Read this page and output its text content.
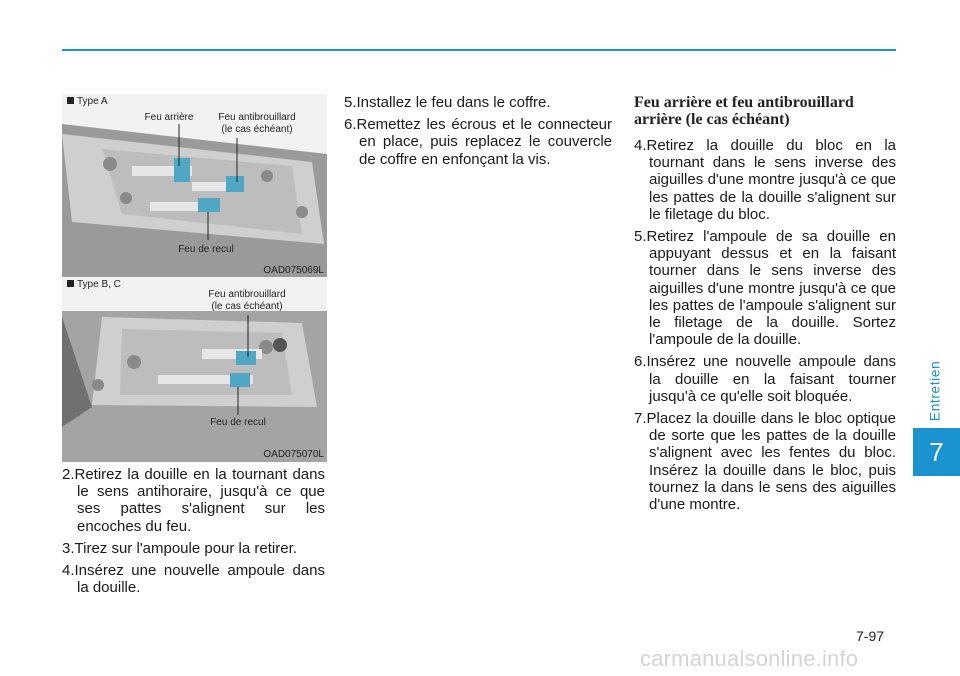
Entretien
7
Type A
Feu arrière	Feu antibrouillard
(le cas échéant)
Feu de recul
OAD075069L
Type B, C
Feu antibrouillard
(le cas échéant)
Feu de recul
OAD075070L

2.Retirez la douille en la tournant dans le sens antihoraire, jusqu'à ce que ses pattes s'alignent sur les encoches du feu.

3.Tirez sur l'ampoule pour la retirer.

4.Insérez une nouvelle ampoule dans la douille.

5.Installez le feu dans le coffre.

6.Remettez les écrous et le connecteur en place, puis replacez le couvercle de coffre en enfonçant la vis.

Feu arrière et feu antibrouillard arrière (le cas échéant)

4.Retirez la douille du bloc en la tournant dans le sens inverse des aiguilles d'une montre jusqu'à ce que les pattes de la douille s'alignent sur le filetage du bloc.

5.Retirez l'ampoule de sa douille en appuyant dessus et en la faisant tourner dans le sens inverse des aiguilles d'une montre jusqu'à ce que les pattes de l'ampoule s'alignent sur le filetage de la douille. Sortez l'ampoule de la douille.

6.Insérez une nouvelle ampoule dans la douille en la faisant tourner jusqu'à ce qu'elle soit bloquée.

7.Placez la douille dans le bloc optique de sorte que les pattes de la douille s'alignent avec les fentes du bloc. Insérez la douille dans le bloc, puis tournez la dans le sens des aiguilles d'une montre.

7-97
carmanualsonline.info
